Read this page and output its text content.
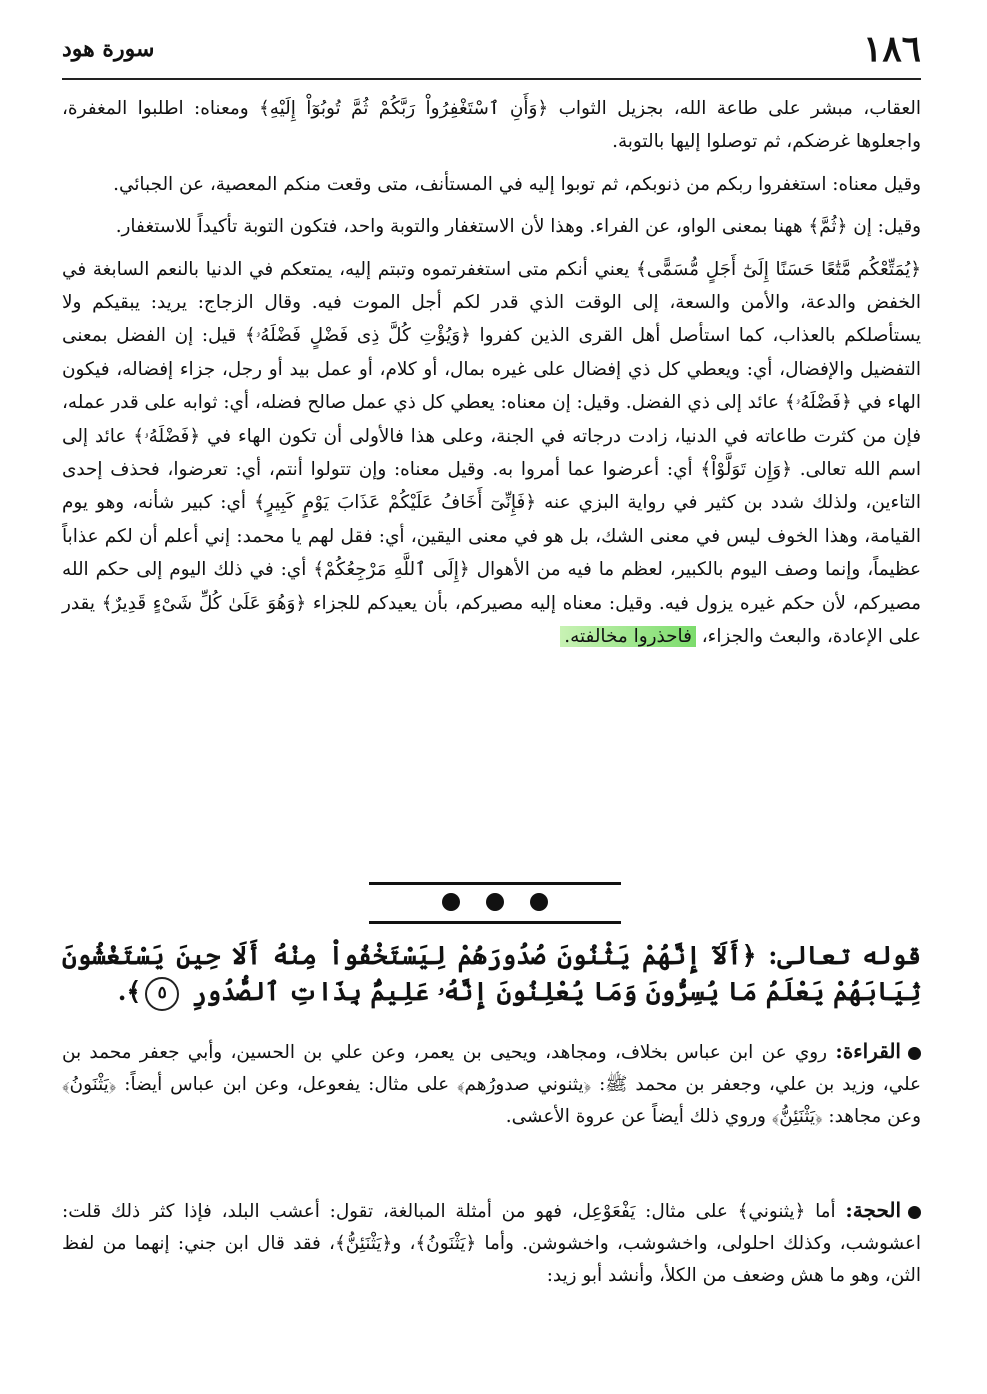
١٨٦
سورة هود

العقاب، مبشر على طاعة الله، بجزيل الثواب ﴿وَأَنِ ٱسْتَغْفِرُواْ رَبَّكُمْ ثُمَّ تُوبُوٓاْ إِلَيْهِ﴾ ومعناه: اطلبوا المغفرة، واجعلوها غرضكم، ثم توصلوا إليها بالتوبة.

وقيل معناه: استغفروا ربكم من ذنوبكم، ثم توبوا إليه في المستأنف، متى وقعت منكم المعصية، عن الجبائي.

وقيل: إن ﴿ثُمَّ﴾ ههنا بمعنى الواو، عن الفراء. وهذا لأن الاستغفار والتوبة واحد، فتكون التوبة تأكيداً للاستغفار.

﴿يُمَتِّعْكُم مَّتَٰعًا حَسَنًا إِلَىٰٓ أَجَلٍ مُّسَمًّى﴾ يعني أنكم متى استغفرتموه وتبتم إليه، يمتعكم في الدنيا بالنعم السابغة في الخفض والدعة، والأمن والسعة، إلى الوقت الذي قدر لكم أجل الموت فيه. وقال الزجاج: يريد: يبقيكم ولا يستأصلكم بالعذاب، كما استأصل أهل القرى الذين كفروا ﴿وَيُؤْتِ كُلَّ ذِى فَضْلٍ فَضْلَهُۥ﴾ قيل: إن الفضل بمعنى التفضيل والإفضال، أي: ويعطي كل ذي إفضال على غيره بمال، أو كلام، أو عمل بيد أو رجل، جزاء إفضاله، فيكون الهاء في ﴿فَضْلَهُۥ﴾ عائد إلى ذي الفضل. وقيل: إن معناه: يعطي كل ذي عمل صالح فضله، أي: ثوابه على قدر عمله، فإن من كثرت طاعاته في الدنيا، زادت درجاته في الجنة، وعلى هذا فالأولى أن تكون الهاء في ﴿فَضْلَهُۥ﴾ عائد إلى اسم الله تعالى. ﴿وَإِن تَوَلَّوْاْ﴾ أي: أعرضوا عما أمروا به. وقيل معناه: وإن تتولوا أنتم، أي: تعرضوا، فحذف إحدى التاءين، ولذلك شدد بن كثير في رواية البزي عنه ﴿فَإِنِّىٓ أَخَافُ عَلَيْكُمْ عَذَابَ يَوْمٍ كَبِيرٍ﴾ أي: كبير شأنه، وهو يوم القيامة، وهذا الخوف ليس في معنى الشك، بل هو في معنى اليقين، أي: فقل لهم يا محمد: إني أعلم أن لكم عذاباً عظيماً، وإنما وصف اليوم بالكبير، لعظم ما فيه من الأهوال ﴿إِلَى ٱللَّهِ مَرْجِعُكُمْ﴾ أي: في ذلك اليوم إلى حكم الله مصيركم، لأن حكم غيره يزول فيه. وقيل: معناه إليه مصيركم، بأن يعيدكم للجزاء ﴿وَهُوَ عَلَىٰ كُلِّ شَىْءٍ قَدِيرٌ﴾ يقدر على الإعادة، والبعث والجزاء، فاحذروا مخالفته.

قوله تعالى: ﴿أَلَآ إِنَّهُمْ يَثْنُونَ صُدُورَهُمْ لِيَسْتَخْفُواْ مِنْهُ أَلَا حِينَ يَسْتَغْشُونَ ثِيَابَهُمْ يَعْلَمُ مَا يُسِرُّونَ وَمَا يُعْلِنُونَ إِنَّهُۥ عَلِيمٌۢ بِذَاتِ ٱلصُّدُورِ ٥﴾.

القراءة: روي عن ابن عباس بخلاف، ومجاهد، ويحيى بن يعمر، وعن علي بن الحسين، وأبي جعفر محمد بن علي، وزيد بن علي، وجعفر بن محمد ﷺ: ﴿يثنوني صدورُهم﴾ على مثال: يفعوعل، وعن ابن عباس أيضاً: ﴿يَثْنَونُ﴾ وعن مجاهد: ﴿يَثْنَئِنُّ﴾ وروي ذلك أيضاً عن عروة الأعشى.

الحجة: أما ﴿يثنوني﴾ على مثال: يَفْعَوْعِل، فهو من أمثلة المبالغة، تقول: أعشب البلد، فإذا كثر ذلك قلت: اعشوشب، وكذلك احلولى، واخشوشب، واخشوشن. وأما ﴿يَثْنَونُ﴾، و﴿يَثْنَئِنُّ﴾، فقد قال ابن جني: إنهما من لفظ الثن، وهو ما هش وضعف من الكلأ، وأنشد أبو زيد:
